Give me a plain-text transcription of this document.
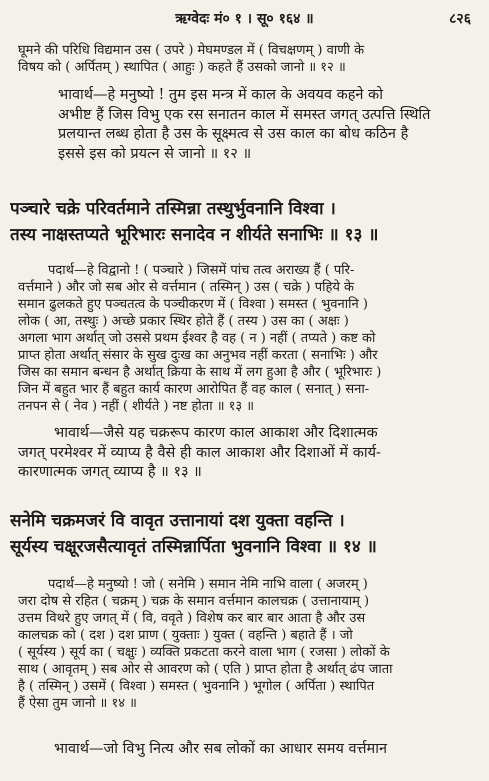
ऋग्वेदः मं० १ । सू० १६४ ॥	८२६
घूमने की परिधि विद्यमान उस ( उपरे ) मेघमण्डल में ( विचक्षणम् ) वाणी के
विषय को ( अर्पितम् ) स्थापित ( आहुः ) कहते हैं उसको जानो ॥ १२ ॥
भावार्थ—हे मनुष्यो ! तुम इस मन्त्र में काल के अवयव कहने को
अभीष्ट हैं जिस विभु एक रस सनातन काल में समस्त जगत् उत्पत्ति स्थिति
प्रलयान्त लब्ध होता है उस के सूक्ष्मत्व से उस काल का बोध कठिन है
इससे इस को प्रयत्न से जानो ॥ १२ ॥
पञ्चारे चक्रे परिवर्तमाने तस्मिन्ना तस्थुर्भुवनानि विश्वा ।
तस्य नाक्षस्तप्यते भूरिभारः सनादेव न शीर्यते सनाभिः ॥ १३ ॥
पदार्थ—हे विद्वानो ! ( पञ्चारे ) जिसमें पांच तत्व अराख्य हैं ( परि-
वर्त्तमाने ) और जो सब ओर से वर्त्तमान ( तस्मिन् ) उस ( चक्रे ) पहिये के
समान ढुलकते हुए पञ्चतत्व के पञ्चीकरण में ( विश्वा ) समस्त ( भुवनानि )
लोक ( आ, तस्थुः ) अच्छे प्रकार स्थिर होते हैं ( तस्य ) उस का ( अक्षः )
अगला भाग अर्थात् जो उससे प्रथम ईश्वर है वह ( न ) नहीं ( तप्यते ) कष्ट को
प्राप्त होता अर्थात् संसार के सुख दुःख का अनुभव नहीं करता ( सनाभिः ) और
जिस का समान बन्धन है अर्थात् क्रिया के साथ में लग हुआ है और ( भूरिभारः )
जिन में बहुत भार हैं बहुत कार्य कारण आरोपित हैं वह काल ( सनात् ) सना-
तनपन से ( नेव ) नहीं ( शीर्यते ) नष्ट होता ॥ १३ ॥
भावार्थ—जैसे यह चक्ररूप कारण काल आकाश और दिशात्मक
जगत् परमेश्वर में व्याप्य है वैसे ही काल आकाश और दिशाओं में कार्य-
कारणात्मक जगत् व्याप्य है ॥ १३ ॥
सनेमि चक्रमजरं वि वावृत उत्तानायां दश युक्ता वहन्ति ।
सूर्यस्य चक्षूरजसैत्यावृतं तस्मिन्नार्पिता भुवनानि विश्वा ॥ १४ ॥
पदार्थ—हे मनुष्यो ! जो ( सनेमि ) समान नेमि नाभि वाला ( अजरम् )
जरा दोष से रहित ( चक्रम् ) चक्र के समान वर्त्तमान कालचक्र ( उत्तानायाम् )
उत्तम विथरे हुए जगत् में ( वि, ववृते ) विशेष कर बार बार आता है और उस
कालचक्र को ( दश ) दश प्राण ( युक्ताः ) युक्त ( वहन्ति ) बहाते हैं । जो
( सूर्यस्य ) सूर्य का ( चक्षुः ) व्यक्ति प्रकटता करने वाला भाग ( रजसा ) लोकों के
साथ ( आवृतम् ) सब ओर से आवरण को ( एति ) प्राप्त होता है अर्थात् ढंप जाता
है ( तस्मिन् ) उसमें ( विश्वा ) समस्त ( भुवनानि ) भूगोल ( अर्पिता ) स्थापित
हैं ऐसा तुम जानो ॥ १४ ॥
भावार्थ—जो विभु नित्य और सब लोकों का आधार समय वर्त्तमान
